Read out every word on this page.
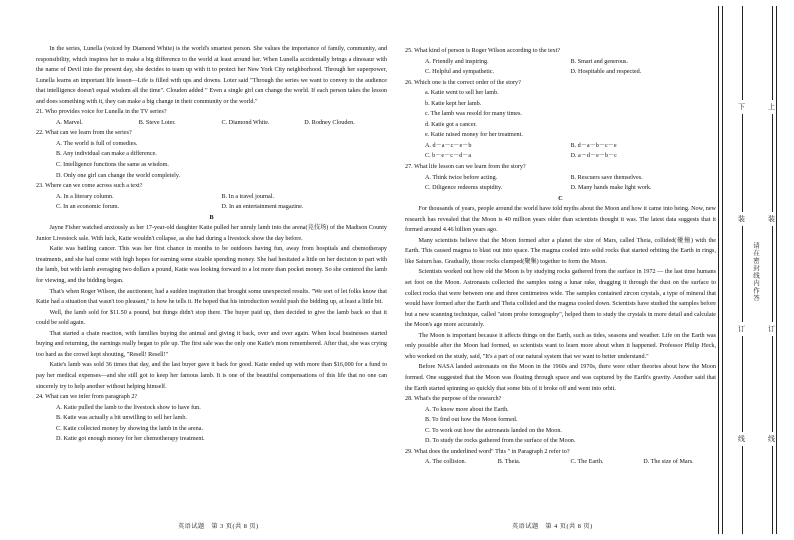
In the series, Lunella (voiced by Diamond White) is the world's smartest person. She values the importance of family, community, and responsibility, which inspires her to make a big difference to the world at least around her. When Lunella accidentally brings a dinosaur with the name of Devil into the present day, she decides to team up with it to protect her New York City neighborhood. Through her superpower, Lunella learns an important life lesson—Life is filled with ups and downs. Loter said "Through the series we want to convey to the audience that intelligence doesn't equal wisdom all the time". Clouden added " Even a single girl can change the world. If each person takes the lesson and does something with it, they can make a big change in their community or the world."

21. Who provides voice for Lunella in the TV series?

A. Marvel.	B. Steve Loter.	C. Diamond White.	D. Rodney Clouden.

22. What can we learn from the series?

A. The world is full of comedies.

B. Any individual can make a difference.

C. Intelligence functions the same as wisdom.

D. Only one girl can change the world completely.

23. Where can we come across such a text?

A. In a literary column.	B. In a travel journal.
C. In an economic forum.	D. In an entertainment magazine.

B

Jayne Fisher watched anxiously as her 17-year-old daughter Katie pulled her unruly lamb into the arena(竞技场) of the Madison County Junior Livestock sale. With luck, Katie wouldn't collapse, as she had during a livestock show the day before.

Katie was battling cancer. This was her first chance in months to be outdoors having fun, away from hospitals and chemotherapy treatments, and she had come with high hopes for earning some sizable spending money. She had hesitated a little on her decision to part with the lamb, but with lamb averaging two dollars a pound, Katie was looking forward to a lot more than pocket money. So she centered the lamb for viewing, and the bidding began.

That's when Roger Wilson, the auctioneer, had a sudden inspiration that brought some unexpected results. "We sort of let folks know that Katie had a situation that wasn't too pleasant," is how he tells it. He hoped that his introduction would push the bidding up, at least a little bit.

Well, the lamb sold for $11.50 a pound, but things didn't stop there. The buyer paid up, then decided to give the lamb back so that it could be sold again.

That started a chain reaction, with families buying the animal and giving it back, over and over again. When local businesses started buying and returning, the earnings really began to pile up. The first sale was the only one Katie's mom remembered. After that, she was crying too hard as the crowd kept shouting, "Resell! Resell!"

Katie's lamb was sold 36 times that day, and the last buyer gave it back for good. Katie ended up with more than $16,000 for a fund to pay her medical expenses—and she still got to keep her famous lamb. It is one of the beautiful compensations of this life that no one can sincerely try to help another without helping himself.

24. What can we infer from paragraph 2?

A. Katie pulled the lamb to the livestock show to have fun.

B. Katie was actually a bit unwilling to sell her lamb.

C. Katie collected money by showing the lamb in the arena.

D. Katie got enough money for her chemotherapy treatment.

英语试题　第 3 页(共 8 页)

25. What kind of person is Roger Wilson according to the text?

A. Friendly and inspiring.	B. Smart and generous.
C. Helpful and sympathetic.	D. Hospitable and respected.

26. Which one is the correct order of the story?

a. Katie went to sell her lamb.

b. Katie kept her lamb.

c. The lamb was resold for many times.

d. Katie got a cancer.

e. Katie raised money for her treatment.

A. d－a－c－e－b	B. d－a－b－c－e
C. b－e－c－d－a	D. a－d－e－b－c

27. What life lesson can we learn from the story?

A. Think twice before acting.	B. Rescuers save themselves.
C. Diligence redeems stupidity.	D. Many hands make light work.

C

For thousands of years, people around the world have told myths about the Moon and how it came into being. Now, new research has revealed that the Moon is 40 million years older than scientists thought it was. The latest data suggests that it formed around 4.46 billion years ago.

Many scientists believe that the Moon formed after a planet the size of Mars, called Theia, collided(碰撞) with the Earth. This caused magma to blast out into space. The magma cooled into solid rocks that started orbiting the Earth in rings, like Saturn has. Gradually, those rocks clumped(聚集) together to form the Moon.

Scientists worked out how old the Moon is by studying rocks gathered from the surface in 1972 — the last time humans set foot on the Moon. Astronauts collected the samples using a lunar rake, dragging it through the dust on the surface to collect rocks that were between one and three centimetres wide. The samples contained zircon crystals, a type of mineral that would have formed after the Earth and Theia collided and the magma cooled down. Scientists have studied the samples before but a new scanning technique, called "atom probe tomography", helped them to study the crystals in more detail and calculate the Moon's age more accurately.

The Moon is important because it affects things on the Earth, such as tides, seasons and weather. Life on the Earth was only possible after the Moon had formed, so scientists want to learn more about when it happened. Professor Philip Heck, who worked on the study, said, "It's a part of our natural system that we want to better understand."

Before NASA landed astronauts on the Moon in the 1960s and 1970s, there were other theories about how the Moon formed. One suggested that the Moon was floating through space and was captured by the Earth's gravity. Another said that the Earth started spinning so quickly that some bits of it broke off and went into orbit.

28. What's the purpose of the research?

A. To know more about the Earth.

B. To find out how the Moon formed.

C. To work out how the astronauts landed on the Moon.

D. To study the rocks gathered from the surface of the Moon.

29. What does the underlined word" This " in Paragraph 2 refer to?

A. The collision.	B. Theia.	C. The Earth.	D. The size of Mars.
英语试题　第 4 页(共 8 页)
下
装
订
线
上
装
订
线
请在密封线内作答
